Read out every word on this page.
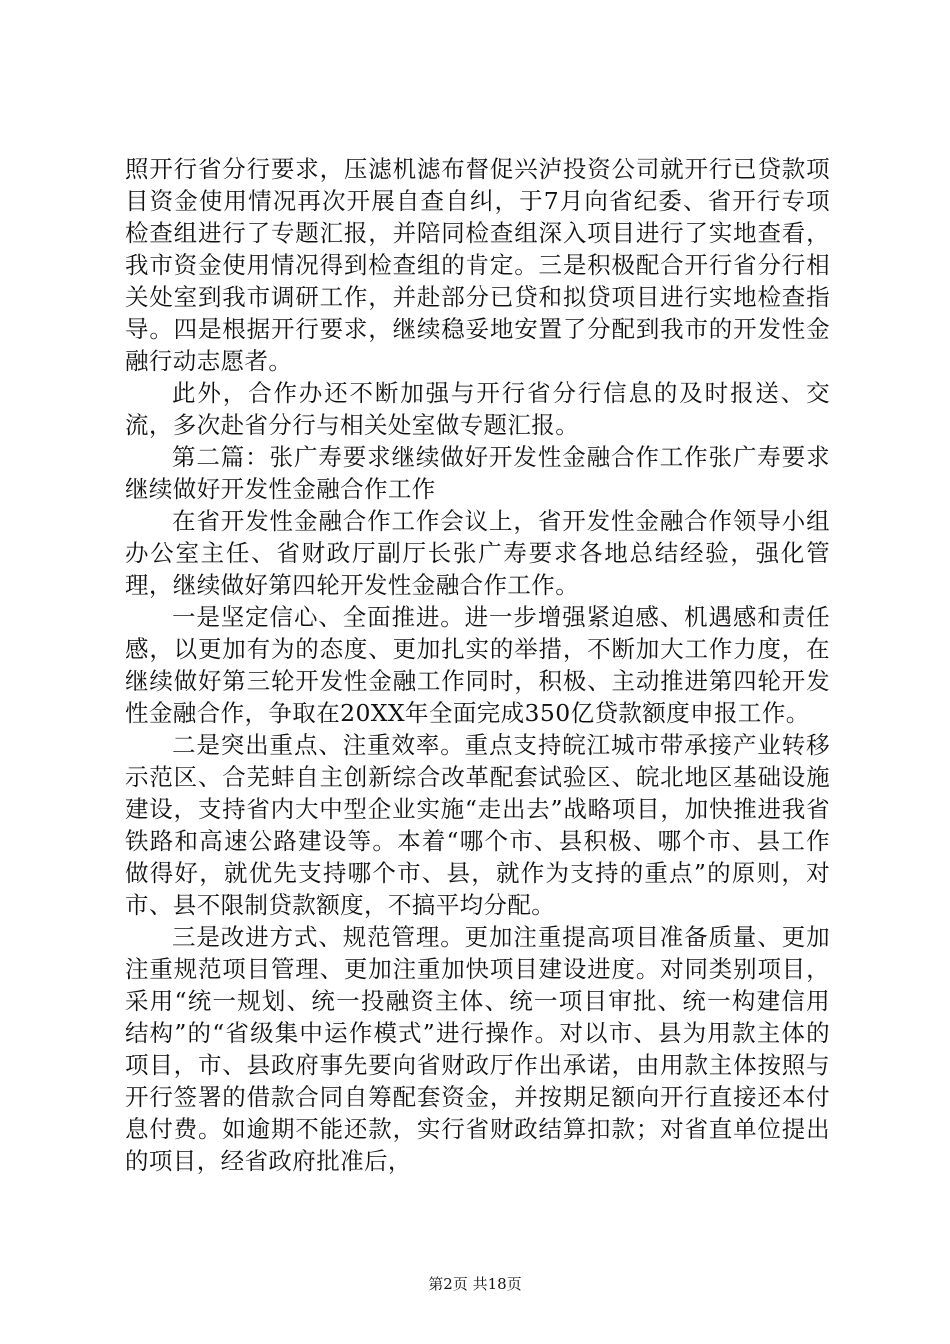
照开行省分行要求，压滤机滤布督促兴泸投资公司就开行已贷款项目资金使用情况再次开展自查自纠，于7月向省纪委、省开行专项检查组进行了专题汇报，并陪同检查组深入项目进行了实地查看，我市资金使用情况得到检查组的肯定。三是积极配合开行省分行相关处室到我市调研工作，并赴部分已贷和拟贷项目进行实地检查指导。四是根据开行要求，继续稳妥地安置了分配到我市的开发性金融行动志愿者。

此外，合作办还不断加强与开行省分行信息的及时报送、交流，多次赴省分行与相关处室做专题汇报。

第二篇：张广寿要求继续做好开发性金融合作工作张广寿要求继续做好开发性金融合作工作

在省开发性金融合作工作会议上，省开发性金融合作领导小组办公室主任、省财政厅副厅长张广寿要求各地总结经验，强化管理，继续做好第四轮开发性金融合作工作。

一是坚定信心、全面推进。进一步增强紧迫感、机遇感和责任感，以更加有为的态度、更加扎实的举措，不断加大工作力度，在继续做好第三轮开发性金融工作同时，积极、主动推进第四轮开发性金融合作，争取在20XX年全面完成350亿贷款额度申报工作。

二是突出重点、注重效率。重点支持皖江城市带承接产业转移示范区、合芜蚌自主创新综合改革配套试验区、皖北地区基础设施建设，支持省内大中型企业实施“走出去”战略项目，加快推进我省铁路和高速公路建设等。本着“哪个市、县积极、哪个市、县工作做得好，就优先支持哪个市、县，就作为支持的重点”的原则，对市、县不限制贷款额度，不搞平均分配。

三是改进方式、规范管理。更加注重提高项目准备质量、更加注重规范项目管理、更加注重加快项目建设进度。对同类别项目，采用“统一规划、统一投融资主体、统一项目审批、统一构建信用结构”的“省级集中运作模式”进行操作。对以市、县为用款主体的项目，市、县政府事先要向省财政厅作出承诺，由用款主体按照与开行签署的借款合同自筹配套资金，并按期足额向开行直接还本付息付费。如逾期不能还款，实行省财政结算扣款；对省直单位提出的项目，经省政府批准后，

第2页 共18页
